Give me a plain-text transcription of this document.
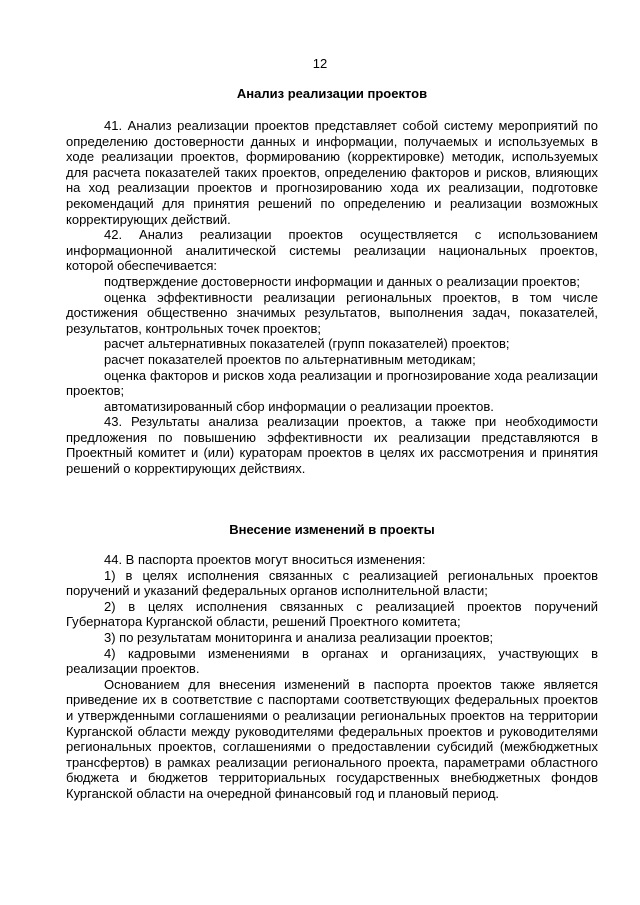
12

Анализ реализации проектов

41. Анализ реализации проектов представляет собой систему мероприятий по определению достоверности данных и информации, получаемых и используемых в ходе реализации проектов, формированию (корректировке) методик, используемых для расчета показателей таких проектов, определению факторов и рисков, влияющих на ход реализации проектов и прогнозированию хода их реализации, подготовке рекомендаций для принятия решений по определению и реализации возможных корректирующих действий.

42. Анализ реализации проектов осуществляется с использованием информационной аналитической системы реализации национальных проектов, которой обеспечивается:

подтверждение достоверности информации и данных о реализации проектов;

оценка эффективности реализации региональных проектов, в том числе достижения общественно значимых результатов, выполнения задач, показателей, результатов, контрольных точек проектов;

расчет альтернативных показателей (групп показателей) проектов;

расчет показателей проектов по альтернативным методикам;

оценка факторов и рисков хода реализации и прогнозирование хода реализации проектов;

автоматизированный сбор информации о реализации проектов.

43. Результаты анализа реализации проектов, а также при необходимости предложения по повышению эффективности их реализации представляются в Проектный комитет и (или) кураторам проектов в целях их рассмотрения и принятия решений о корректирующих действиях.

Внесение изменений в проекты

44. В паспорта проектов могут вноситься изменения:

1) в целях исполнения связанных с реализацией региональных проектов поручений и указаний федеральных органов исполнительной власти;

2) в целях исполнения связанных с реализацией проектов поручений Губернатора Курганской области, решений Проектного комитета;

3) по результатам мониторинга и анализа реализации проектов;

4) кадровыми изменениями в органах и организациях, участвующих в реализации проектов.

Основанием для внесения изменений в паспорта проектов также является приведение их в соответствие с паспортами соответствующих федеральных проектов и утвержденными соглашениями о реализации региональных проектов на территории Курганской области между руководителями федеральных проектов и руководителями региональных проектов, соглашениями о предоставлении субсидий (межбюджетных трансфертов) в рамках реализации регионального проекта, параметрами областного бюджета и бюджетов территориальных государственных внебюджетных фондов Курганской области на очередной финансовый год и плановый период.
